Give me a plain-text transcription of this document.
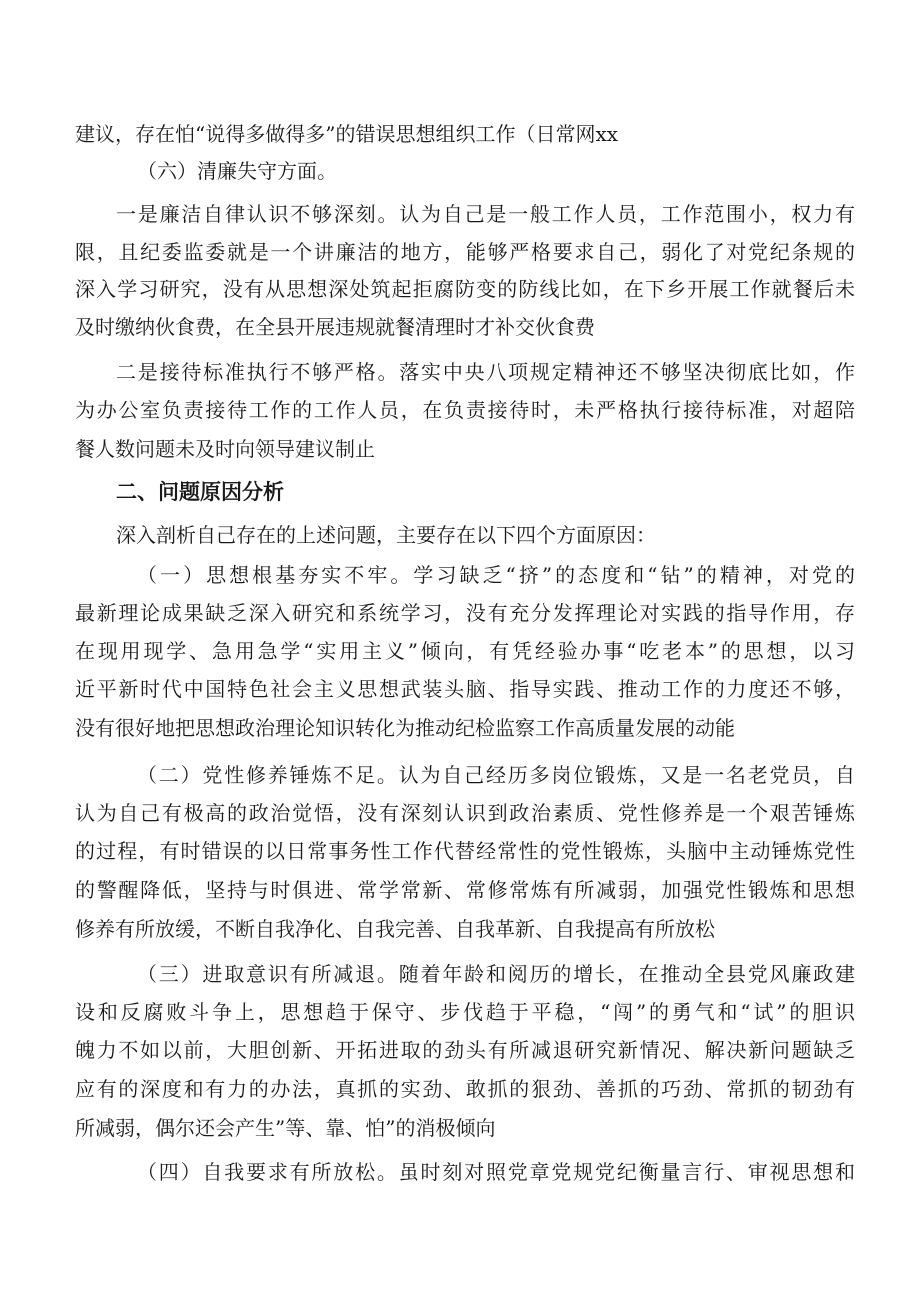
建议，存在怕“说得多做得多”的错误思想组织工作（日常网xx
（六）清廉失守方面。
一是廉洁自律认识不够深刻。认为自己是一般工作人员，工作范围小，权力有
限，且纪委监委就是一个讲廉洁的地方，能够严格要求自己，弱化了对党纪条规的
深入学习研究，没有从思想深处筑起拒腐防变的防线比如，在下乡开展工作就餐后未
及时缴纳伙食费，在全县开展违规就餐清理时才补交伙食费
二是接待标准执行不够严格。落实中央八项规定精神还不够坚决彻底比如，作
为办公室负责接待工作的工作人员，在负责接待时，未严格执行接待标准，对超陪
餐人数问题未及时向领导建议制止
二、问题原因分析
深入剖析自己存在的上述问题，主要存在以下四个方面原因：
（一）思想根基夯实不牢。学习缺乏“挤”的态度和“钻”的精神，对党的
最新理论成果缺乏深入研究和系统学习，没有充分发挥理论对实践的指导作用，存
在现用现学、急用急学“实用主义”倾向，有凭经验办事“吃老本”的思想，以习
近平新时代中国特色社会主义思想武装头脑、指导实践、推动工作的力度还不够，
没有很好地把思想政治理论知识转化为推动纪检监察工作高质量发展的动能
（二）党性修养锤炼不足。认为自己经历多岗位锻炼，又是一名老党员，自
认为自己有极高的政治觉悟，没有深刻认识到政治素质、党性修养是一个艰苦锤炼
的过程，有时错误的以日常事务性工作代替经常性的党性锻炼，头脑中主动锤炼党性
的警醒降低，坚持与时俱进、常学常新、常修常炼有所减弱，加强党性锻炼和思想
修养有所放缓，不断自我净化、自我完善、自我革新、自我提高有所放松
（三）进取意识有所减退。随着年龄和阅历的增长，在推动全县党风廉政建
设和反腐败斗争上，思想趋于保守、步伐趋于平稳，“闯”的勇气和“试”的胆识
魄力不如以前，大胆创新、开拓进取的劲头有所减退研究新情况、解决新问题缺乏
应有的深度和有力的办法，真抓的实劲、敢抓的狠劲、善抓的巧劲、常抓的韧劲有
所减弱，偶尔还会产生”等、靠、怕”的消极倾向
（四）自我要求有所放松。虽时刻对照党章党规党纪衡量言行、审视思想和
